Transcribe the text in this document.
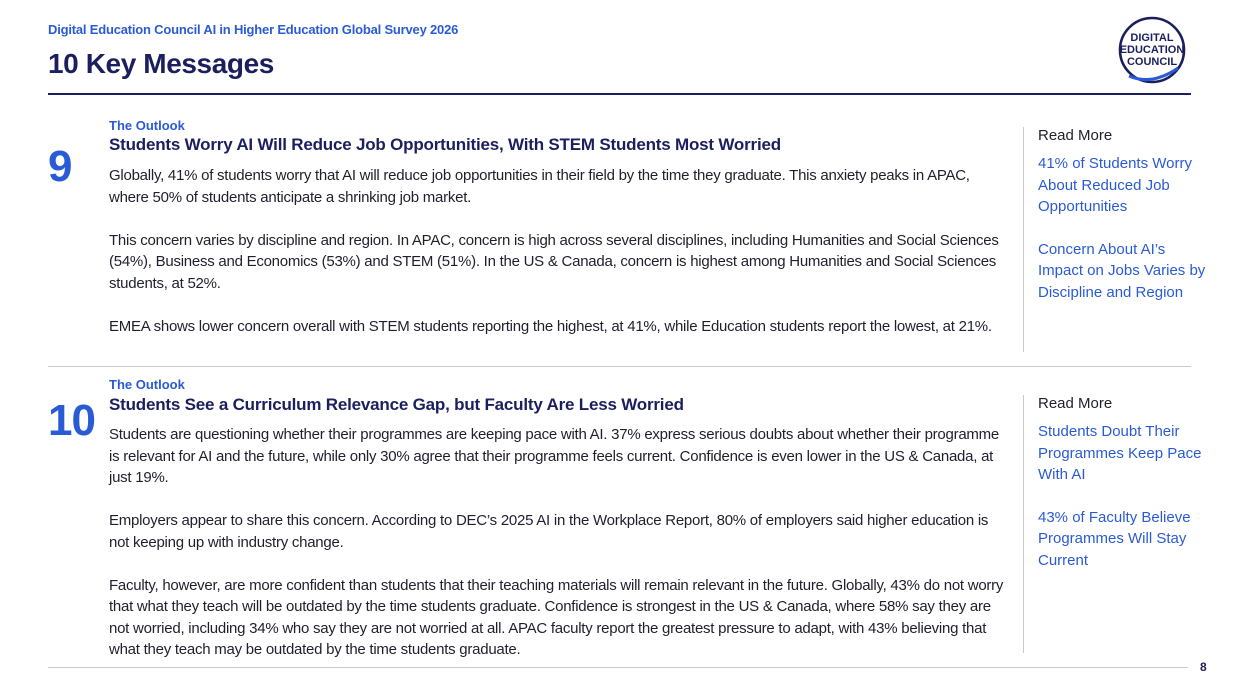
Digital Education Council AI in Higher Education Global Survey 2026
10 Key Messages
DIGITAL
EDUCATION
COUNCIL
9
The Outlook
Students Worry AI Will Reduce Job Opportunities, With STEM Students Most Worried

Globally, 41% of students worry that AI will reduce job opportunities in their field by the time they graduate. This anxiety peaks in APAC, where 50% of students anticipate a shrinking job market.

This concern varies by discipline and region. In APAC, concern is high across several disciplines, including Humanities and Social Sciences (54%), Business and Economics (53%) and STEM (51%). In the US & Canada, concern is highest among Humanities and Social Sciences students, at 52%.

EMEA shows lower concern overall with STEM students reporting the highest, at 41%, while Education students report the lowest, at 21%.

Read More
41% of Students Worry About Reduced Job Opportunities
Concern About AI’s Impact on Jobs Varies by Discipline and Region
10
The Outlook
Students See a Curriculum Relevance Gap, but Faculty Are Less Worried

Students are questioning whether their programmes are keeping pace with AI. 37% express serious doubts about whether their programme is relevant for AI and the future, while only 30% agree that their programme feels current. Confidence is even lower in the US & Canada, at just 19%.

Employers appear to share this concern. According to DEC’s 2025 AI in the Workplace Report, 80% of employers said higher education is not keeping up with industry change.

Faculty, however, are more confident than students that their teaching materials will remain relevant in the future. Globally, 43% do not worry that what they teach will be outdated by the time students graduate. Confidence is strongest in the US & Canada, where 58% say they are not worried, including 34% who say they are not worried at all. APAC faculty report the greatest pressure to adapt, with 43% believing that what they teach may be outdated by the time students graduate.

Read More
Students Doubt Their Programmes Keep Pace With AI
43% of Faculty Believe Programmes Will Stay Current
8
